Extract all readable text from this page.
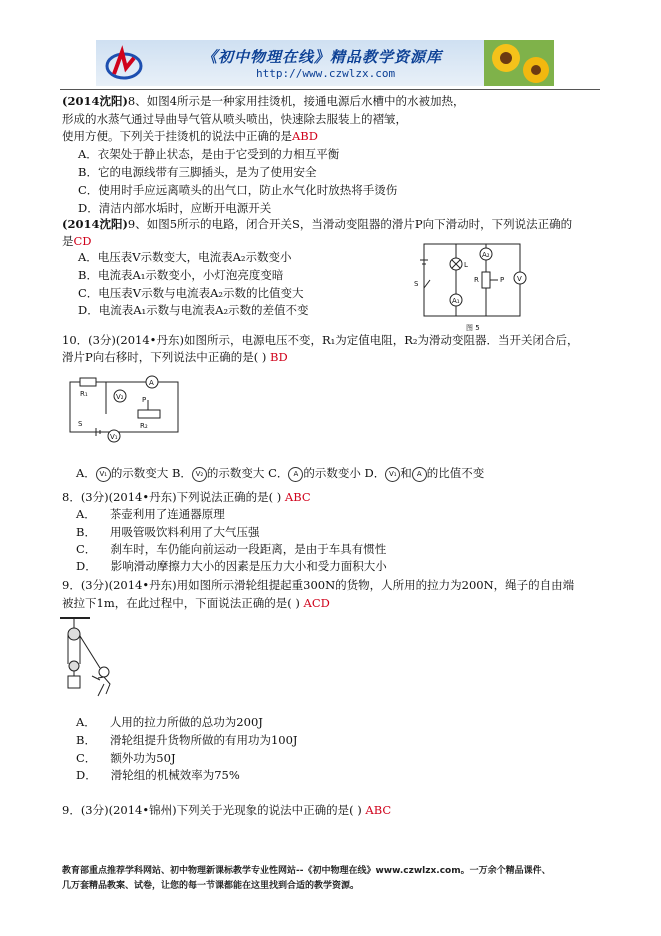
《初中物理在线》精品教学资源库
http://www.czwlzx.com
(2014沈阳)8、如图4所示是一种家用挂烫机，接通电源后水槽中的水被加热，
形成的水蒸气通过导曲导气管从喷头喷出，快速除去服装上的褶皱，
使用方便。下列关于挂烫机的说法中正确的是ABD
A．衣架处于静止状态，是由于它受到的力相互平衡
B．它的电源线带有三脚插头，是为了使用安全
C．使用时手应远离喷头的出气口，防止水气化时放热将手烫伤
D．清洁内部水垢时，应断开电源开关
(2014沈阳)9、如图5所示的电路，闭合开关S，当滑动变阻器的滑片P向下滑动时，下列说法正确的
是CD
A．电压表V示数变大，电流表A₂示数变小
B．电流表A₁示数变小，小灯泡亮度变暗
C．电压表V示数与电流表A₂示数的比值变大
D．电流表A₁示数与电流表A₂示数的差值不变
L
A₂
R	P V
S
A₁
图 5
10．(3分)(2014•丹东)如图所示，电源电压不变，R₁为定值电阻，R₂为滑动变阻器．当开关闭合后，
滑片P向右移时，下列说法中正确的是( ) BD
R₁	V₂
A
P
S	R₂
V₁
A． V₁ 的示数变大 B． V₂ 的示数变大 C． A 的示数变小 D． V₁ 和 A 的比值不变
8．(3分)(2014•丹东)下列说法正确的是( ) ABC
A． 茶壶利用了连通器原理
B． 用吸管吸饮料利用了大气压强
C． 刹车时，车仍能向前运动一段距离，是由于车具有惯性
D． 影响滑动摩擦力大小的因素是压力大小和受力面积大小
9．(3分)(2014•丹东)用如图所示滑轮组提起重300N的货物，人所用的拉力为200N，绳子的自由端
被拉下1m，在此过程中，下面说法正确的是( ) ACD
A． 人用的拉力所做的总功为200J
B． 滑轮组提升货物所做的有用功为100J
C． 额外功为50J
D． 滑轮组的机械效率为75%
9．(3分)(2014•锦州)下列关于光现象的说法中正确的是( ) ABC
教育部重点推荐学科网站、初中物理新课标教学专业性网站--《初中物理在线》www.czwlzx.com。一万余个精品课件、
几万套精品教案、试卷，让您的每一节课都能在这里找到合适的教学资源。
